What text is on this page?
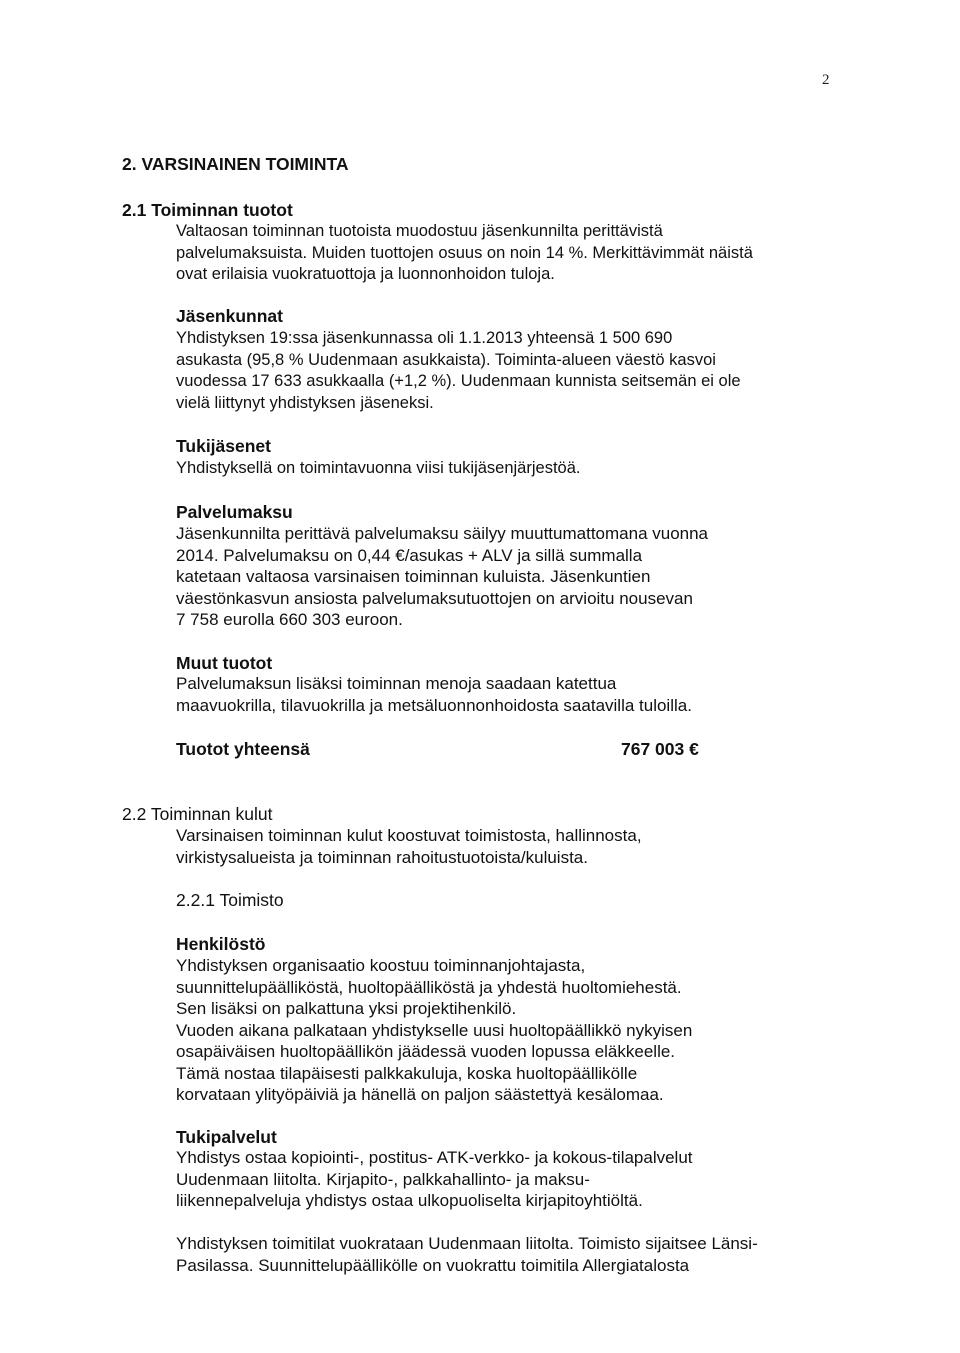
2
2. VARSINAINEN TOIMINTA
2.1 Toiminnan tuotot
Valtaosan toiminnan tuotoista muodostuu jäsenkunnilta perittävistä
palvelumaksuista. Muiden tuottojen osuus on noin 14 %. Merkittävimmät näistä
ovat erilaisia vuokratuottoja ja luonnonhoidon tuloja.
Jäsenkunnat
Yhdistyksen 19:ssa jäsenkunnassa oli 1.1.2013 yhteensä 1 500 690
asukasta (95,8 % Uudenmaan asukkaista). Toiminta-alueen väestö kasvoi
vuodessa 17 633 asukkaalla (+1,2 %). Uudenmaan kunnista seitsemän ei ole
vielä liittynyt yhdistyksen jäseneksi.
Tukijäsenet
Yhdistyksellä on toimintavuonna viisi tukijäsenjärjestöä.
Palvelumaksu
Jäsenkunnilta perittävä palvelumaksu säilyy muuttumattomana vuonna
2014. Palvelumaksu on 0,44 €/asukas + ALV ja sillä summalla
katetaan valtaosa varsinaisen toiminnan kuluista. Jäsenkuntien
väestönkasvun ansiosta palvelumaksutuottojen on arvioitu nousevan
7 758 eurolla 660 303 euroon.
Muut tuotot
Palvelumaksun lisäksi toiminnan menoja saadaan katettua
maavuokrilla, tilavuokrilla ja metsäluonnonhoidosta saatavilla tuloilla.
Tuotot yhteensä	767 003 €
2.2 Toiminnan kulut
Varsinaisen toiminnan kulut koostuvat toimistosta, hallinnosta,
virkistysalueista ja toiminnan rahoitustuotoista/kuluista.
2.2.1 Toimisto
Henkilöstö
Yhdistyksen organisaatio koostuu toiminnanjohtajasta,
suunnittelupäälliköstä, huoltopäälliköstä ja yhdestä huoltomiehestä.
Sen lisäksi on palkattuna yksi projektihenkilö.
Vuoden aikana palkataan yhdistykselle uusi huoltopäällikkö nykyisen
osapäiväisen huoltopäällikön jäädessä vuoden lopussa eläkkeelle.
Tämä nostaa tilapäisesti palkkakuluja, koska huoltopäällikölle
korvataan ylityöpäiviä ja hänellä on paljon säästettyä kesälomaa.
Tukipalvelut
Yhdistys ostaa kopiointi-, postitus- ATK-verkko- ja kokous-tilapalvelut
Uudenmaan liitolta. Kirjapito-, palkkahallinto- ja maksu-
liikennepalveluja yhdistys ostaa ulkopuoliselta kirjapitoyhtiöltä.
Yhdistyksen toimitilat vuokrataan Uudenmaan liitolta. Toimisto sijaitsee Länsi-
Pasilassa. Suunnittelupäällikölle on vuokrattu toimitila Allergiatalosta
